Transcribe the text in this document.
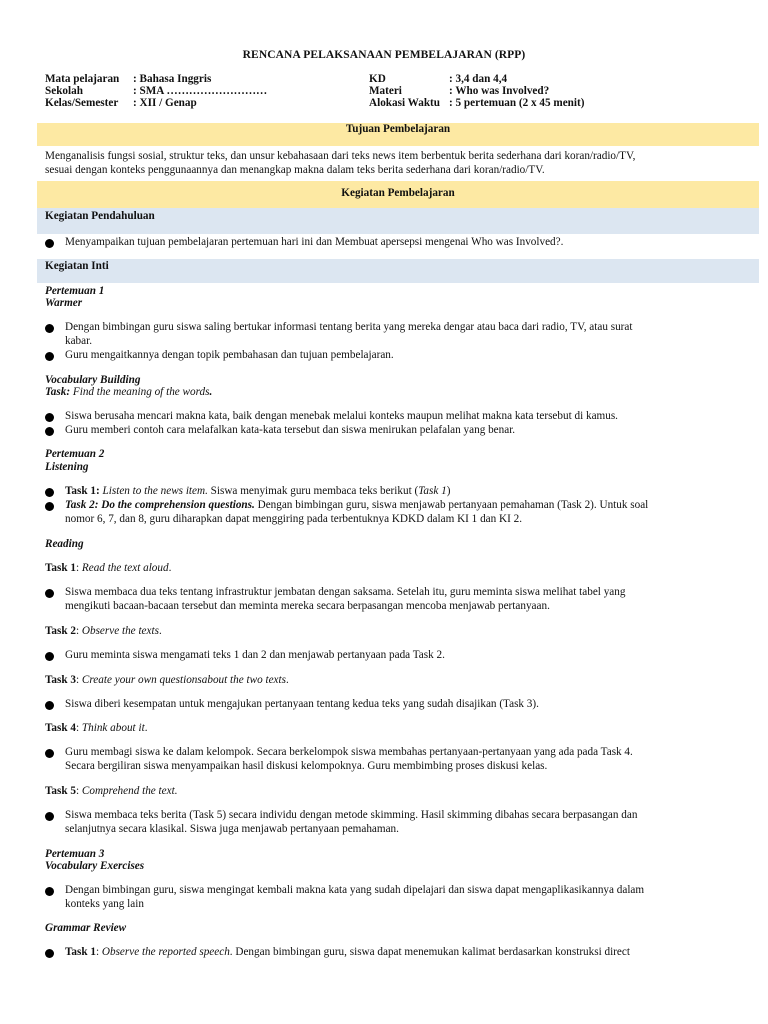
RENCANA PELAKSANAAN PEMBELAJARAN (RPP)
Mata pelajaran	: Bahasa Inggris	KD	: 3,4 dan 4,4
Sekolah	: SMA ………………………	Materi	: Who was Involved?
Kelas/Semester	: XII / Genap	Alokasi Waktu : 5 pertemuan (2 x 45 menit)
Tujuan Pembelajaran
Menganalisis fungsi sosial, struktur teks, dan unsur kebahasaan dari teks news item berbentuk berita sederhana dari koran/radio/TV,
sesuai dengan konteks penggunaannya dan menangkap makna dalam teks berita sederhana dari koran/radio/TV.
Kegiatan Pembelajaran
Kegiatan Pendahuluan
Menyampaikan tujuan pembelajaran pertemuan hari ini dan Membuat apersepsi mengenai Who was Involved?.
Kegiatan Inti
Pertemuan 1
Warmer
Dengan bimbingan guru siswa saling bertukar informasi tentang berita yang mereka dengar atau baca dari radio, TV, atau surat
kabar.
Guru mengaitkannya dengan topik pembahasan dan tujuan pembelajaran.
Vocabulary Building
Task: Find the meaning of the words.
Siswa berusaha mencari makna kata, baik dengan menebak melalui konteks maupun melihat makna kata tersebut di kamus.
Guru memberi contoh cara melafalkan kata-kata tersebut dan siswa menirukan pelafalan yang benar.
Pertemuan 2
Listening
Task 1: Listen to the news item. Siswa menyimak guru membaca teks berikut (Task 1)
Task 2: Do the comprehension questions. Dengan bimbingan guru, siswa menjawab pertanyaan pemahaman (Task 2). Untuk soal
nomor 6, 7, dan 8, guru diharapkan dapat menggiring pada terbentuknya KDKD dalam KI 1 dan KI 2.
Reading
Task 1: Read the text aloud.
Siswa membaca dua teks tentang infrastruktur jembatan dengan saksama. Setelah itu, guru meminta siswa melihat tabel yang
mengikuti bacaan-bacaan tersebut dan meminta mereka secara berpasangan mencoba menjawab pertanyaan.
Task 2: Observe the texts.
Guru meminta siswa mengamati teks 1 dan 2 dan menjawab pertanyaan pada Task 2.
Task 3: Create your own questionsabout the two texts.
Siswa diberi kesempatan untuk mengajukan pertanyaan tentang kedua teks yang sudah disajikan (Task 3).
Task 4: Think about it.
Guru membagi siswa ke dalam kelompok. Secara berkelompok siswa membahas pertanyaan-pertanyaan yang ada pada Task 4.
Secara bergiliran siswa menyampaikan hasil diskusi kelompoknya. Guru membimbing proses diskusi kelas.
Task 5: Comprehend the text.
Siswa membaca teks berita (Task 5) secara individu dengan metode skimming. Hasil skimming dibahas secara berpasangan dan
selanjutnya secara klasikal. Siswa juga menjawab pertanyaan pemahaman.
Pertemuan 3
Vocabulary Exercises
Dengan bimbingan guru, siswa mengingat kembali makna kata yang sudah dipelajari dan siswa dapat mengaplikasikannya dalam
konteks yang lain
Grammar Review
Task 1: Observe the reported speech. Dengan bimbingan guru, siswa dapat menemukan kalimat berdasarkan konstruksi direct
